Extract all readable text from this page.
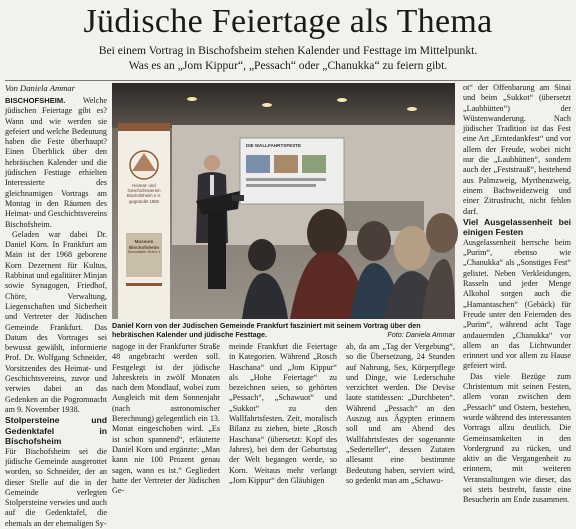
Jüdische Feiertage als Thema
Bei einem Vortrag in Bischofsheim stehen Kalender und Festtage im Mittelpunkt.
Was es an „Jom Kippur“, „Pessach“ oder „Chanukka“ zu feiern gibt.
Von Daniela Ammar

BISCHOFSHEIM. Welche jüdischen Feiertage gibt es? Wann und wie werden sie gefeiert und welche Bedeutung haben die Feste überhaupt? Einen Überblick über den hebräischen Kalender und die jüdischen Festtage erhielten Interessierte des gleichnamigen Vortrags am Montag in den Räumen des Heimat- und Geschichtsvereins Bischofsheim.

Geladen war dabei Dr. Daniel Korn. In Frankfurt am Main ist der 1968 geborene Korn Dezernent für Kultus, Rabbinat und egalitärer Minjan sowie Synagogen, Friedhof, Chöre, Verwaltung, Liegenschaften und Sicherheit und Vertreter der Jüdischen Gemeinde Frankfurt. Das Datum des Vortrages sei bewusst gewählt, informierte Prof. Dr. Wolfgang Schneider, Vorsitzendes des Heimat- und Geschichtsvereins, zuvor und verwies dabei an das Gedenken an die Pogromnacht am 9. November 1938.

Stolpersteine und Gedenktafel in Bischofsheim

Für Bischofsheim sei die jüdische Gemeinde ausgerottet worden, so Schneider, der an dieser Stelle auf die in der Gemeinde verlegten Stolpersteine verwies und auch auf die Gedenktafel, die ehemals an der ehemaligen Sy-

Heimat- und
Geschichtsverein
Bischofsheim e.V.
gegründet 1950
Museum
Bischofsheim
Darmstädter Straße 1
DIE WALLFAHRTSFESTE
Daniel Korn von der Jüdischen Gemeinde Frankfurt fasziniert mit seinem Vortrag über den hebräischen Kalender und jüdische Festtage.	Foto: Daniela Ammar

nagoge in der Frankfurter Straße 48 angebracht werden soll. Festgelegt ist der jüdische Jahreskreis in zwölf Monaten nach dem Mondlauf, wobei zum Ausgleich mit dem Sonnenjahr (nach astronomischer Berechnung) gelegentlich ein 13. Monat eingeschoben wird. „Es ist schon spannend“, erläuterte Daniel Korn und ergänzte: „Man kann nie 100 Prozent genau sagen, wann es ist.“ Gegliedert hatte der Vertreter der Jüdischen Ge-

meinde Frankfurt die Feiertage in Kategorien. Während „Rosch Haschana“ und „Jom Kippur“ als „Hohe Feiertage“ zu bezeichnen seien, so gehörten „Pessach“, „Schawuot“ und „Sukkot“ zu den Wallfahrtsfesten. Zeit, moralisch Bilanz zu ziehen, biete „Rosch Haschana“ (übersetzt: Kopf des Jahres), bei dem der Geburtstag der Welt begangen werde, so Korn. Weitaus mehr verlangt „Jom Kippur“ den Gläubigen

ab, da am „Tag der Vergebung“, so die Übersetzung, 24 Stunden auf Nahrung, Sex, Körperpflege und Dinge, wie Lederschuhe verzichtet werden. Die Devise laute stattdessen: „Durchbeten“. Während „Pessach“ an den Auszug aus Ägypten erinnern soll und am Abend des Wallfahrtsfestes der sogenannte „Sederteller“, dessen Zutaten allesamt eine bestimmte Bedeutung haben, serviert wird, so gedenkt man am „Schawu-

ot“ der Offenbarung am Sinai und beim „Sukkot“ (übersetzt „Laubhütten“) der Wüstenwanderung. Nach jüdischer Tradition ist das Fest eine Art „Erntedankfest“ und vor allem der Freude, wobei nicht nur die „Laubhütten“, sondern auch der „Feststrauß“, bestehend aus Palmzweig, Myrthenzweig, einem Bachweidezweig und einer Zitrusfrucht, nicht fehlen darf.

Viel Ausgelassenheit bei einigen Festen

Ausgelassenheit herrsche beim „Purim“, ebenso wie „Chanukka“ als „Sonstiges Fest“ gelistet. Neben Verkleidungen, Rasseln und jeder Menge Alkohol sorgen auch die „Hamantaschen“ (Gebäck) für Freude unter den Feiernden des „Purim“, während acht Tage andauernden „Chanukka“ vor allem an das Lichtwunder erinnert und vor allem zu Hause gefeiert wird.

Das viele Bezüge zum Christentum mit seinen Festen, allem voran zwischen dem „Pessach“ und Ostern, bestehen, wurde während des interessanten Vortrags allzu deutlich. Die Gemeinsamkeiten in den Vordergrund zu rücken, und aktiv an die Vergangenheit zu erinnern, mit weiteren Veranstaltungen wie dieser, das sei stets bestrebt, fasste eine Besucherin am Ende zusammen.
